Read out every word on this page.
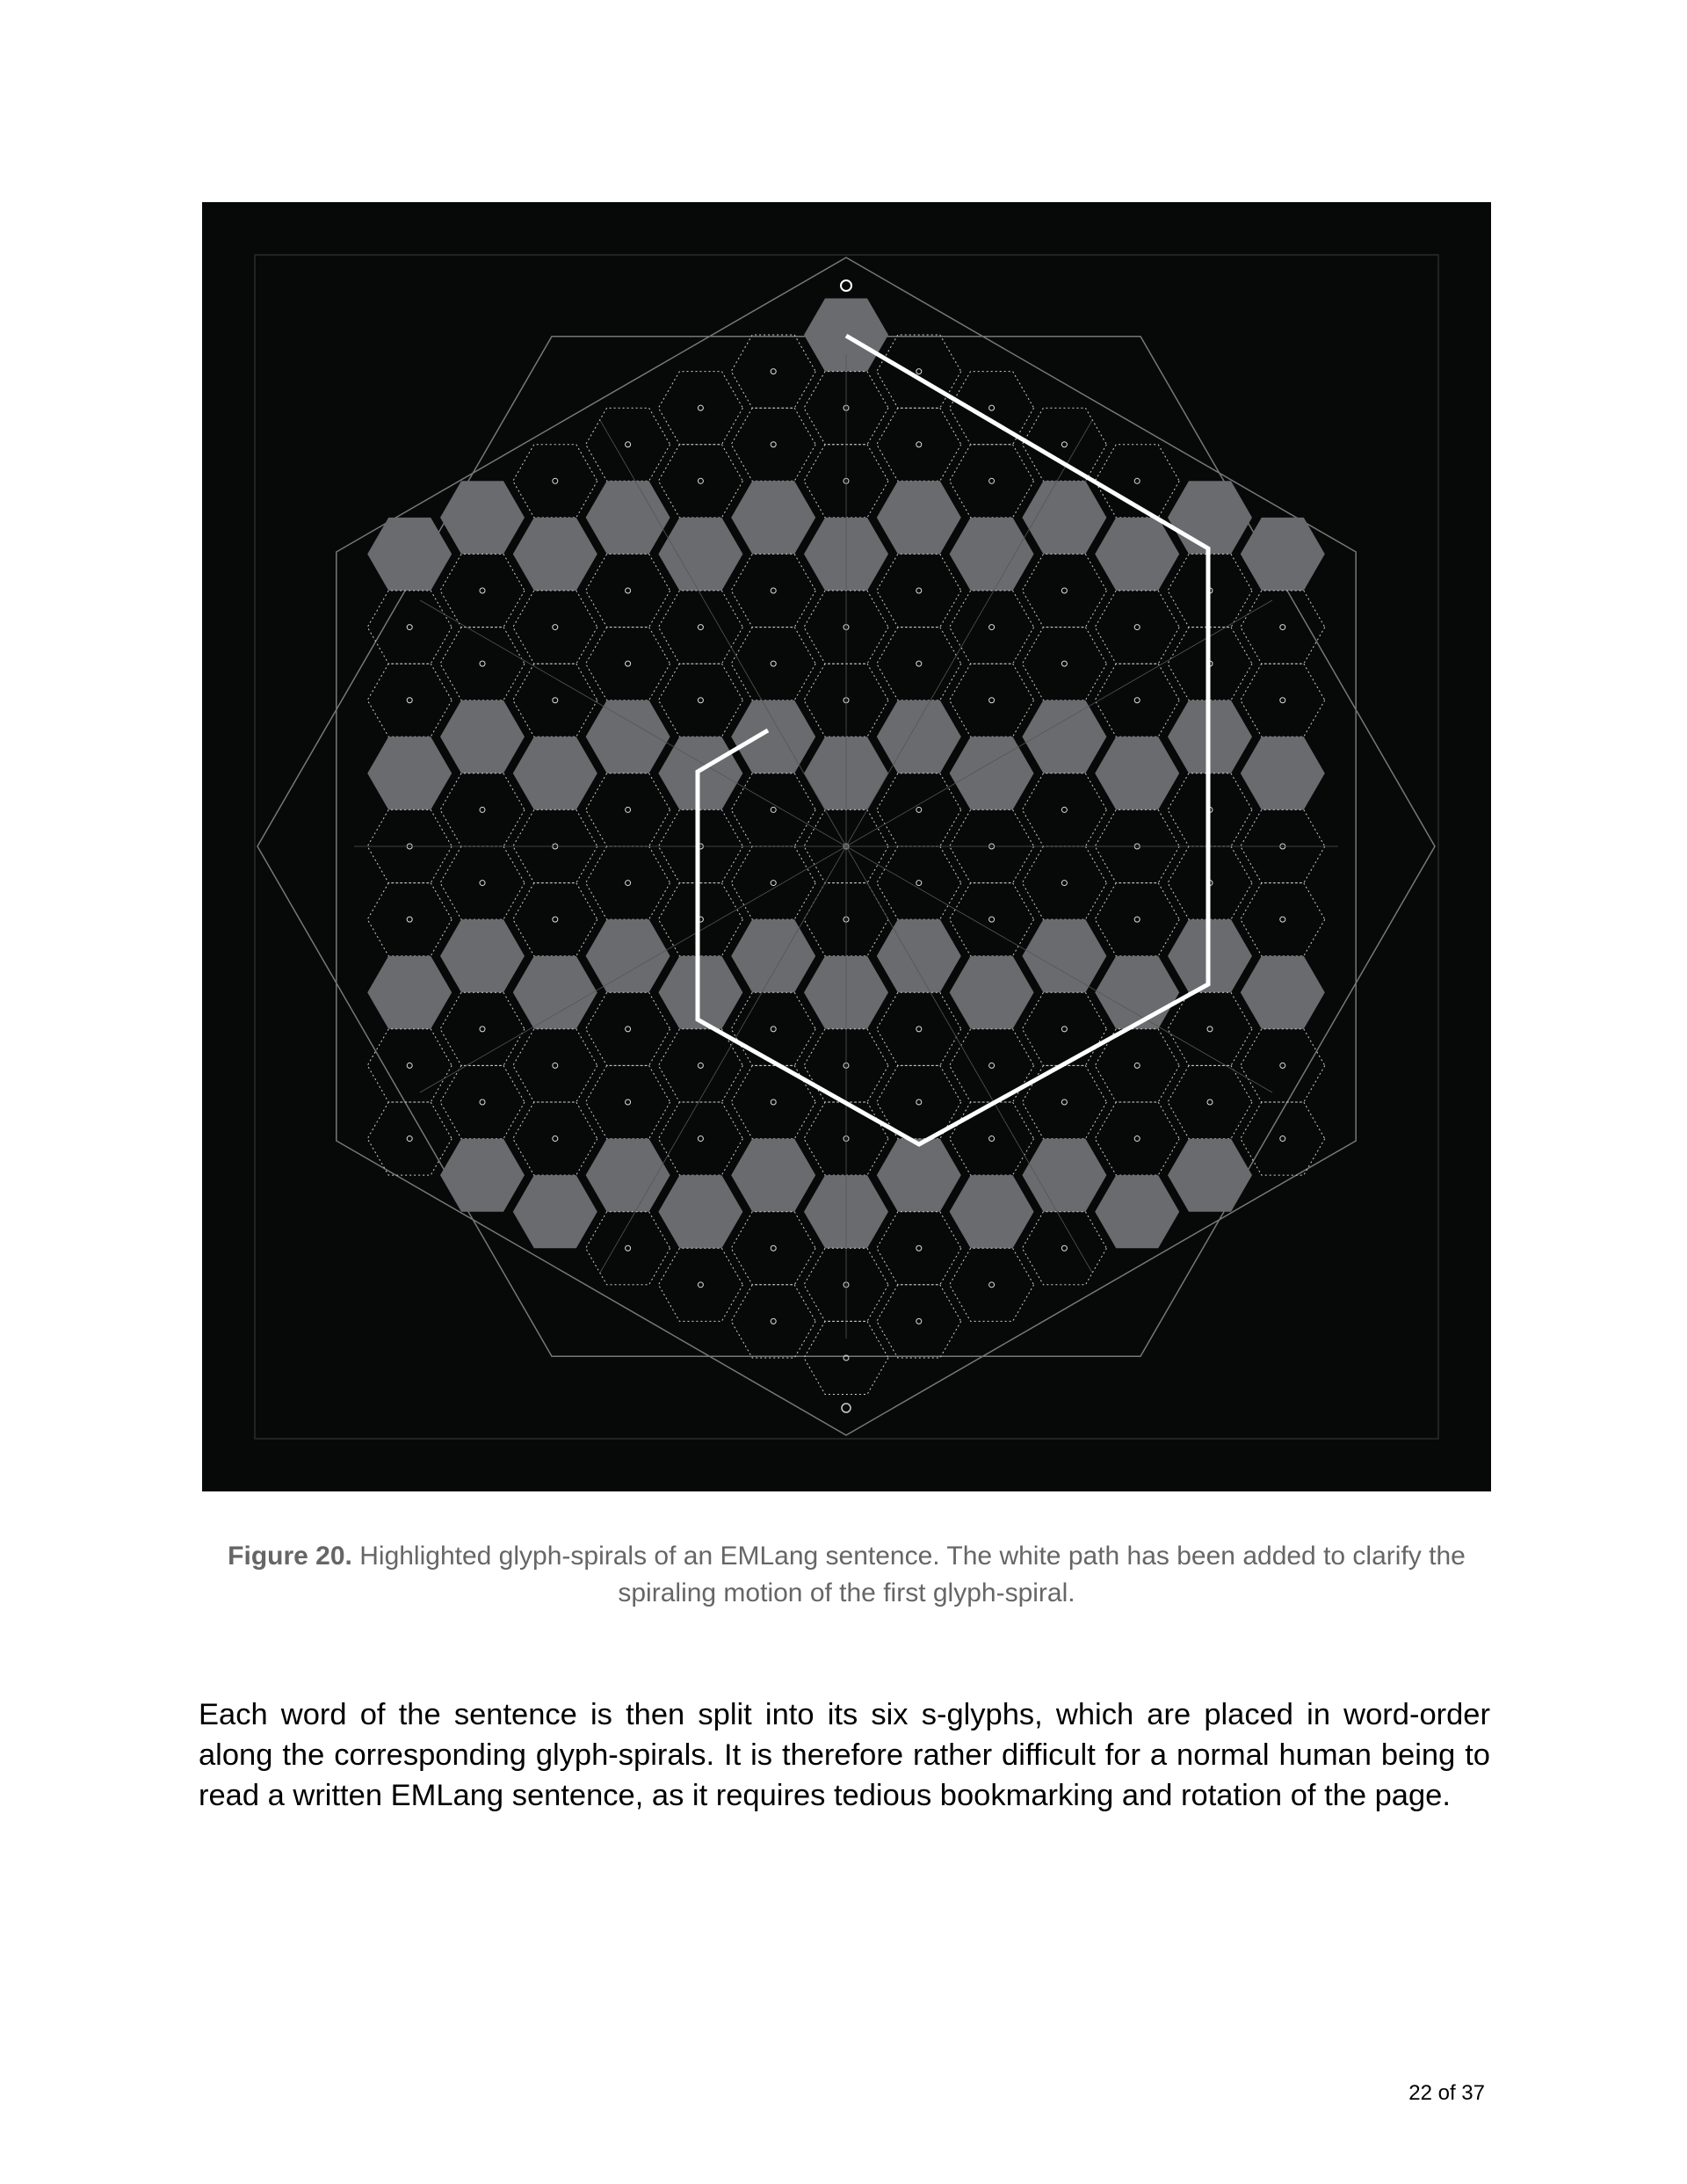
Figure 20. Highlighted glyph-spirals of an EMLang sentence. The white path has been added to clarify the spiraling motion of the first glyph-spiral.

Each word of the sentence is then split into its six s-glyphs, which are placed in word-order along the corresponding glyph-spirals. It is therefore rather difficult for a normal human being to read a written EMLang sentence, as it requires tedious bookmarking and rotation of the page.

22 of 37
